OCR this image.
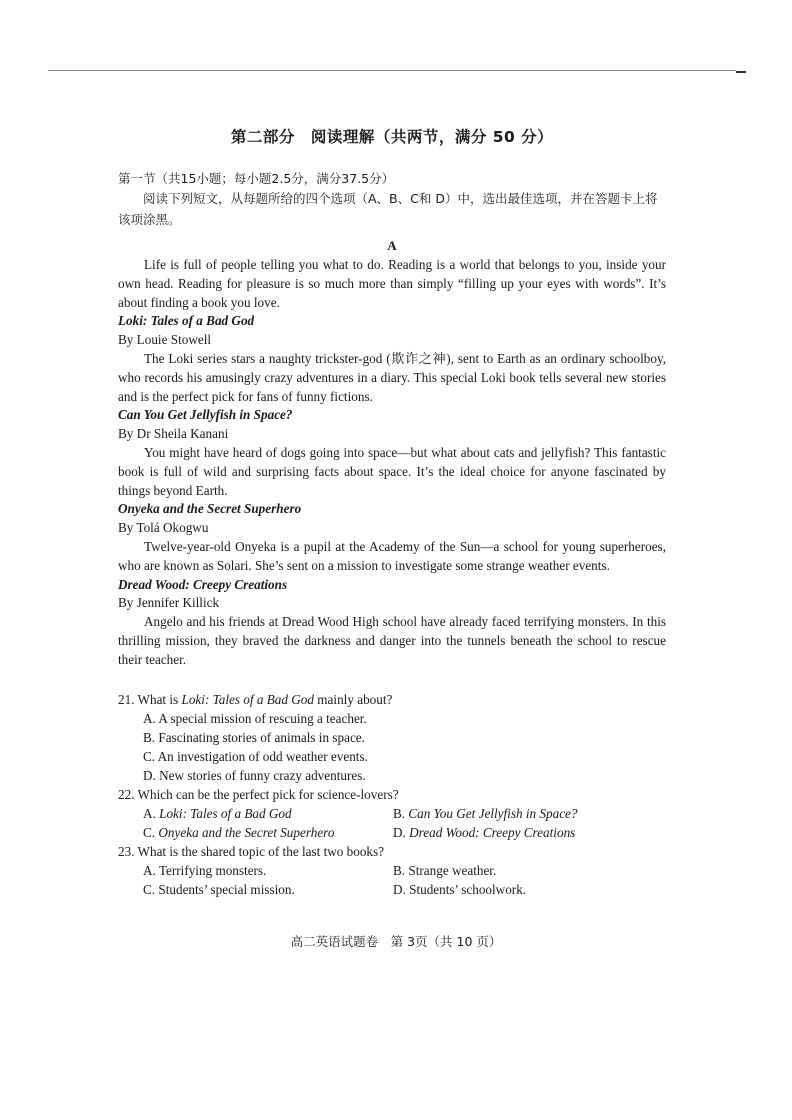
第二部分　阅读理解（共两节，满分 50 分）
第一节（共15小题；每小题2.5分，满分37.5分）

阅读下列短文，从每题所给的四个选项（A、B、C和 D）中，选出最佳选项，并在答题卡上将该项涂黑。

A

Life is full of people telling you what to do. Reading is a world that belongs to you, inside your own head. Reading for pleasure is so much more than simply “filling up your eyes with words”. It’s about finding a book you love.

Loki: Tales of a Bad God
By Louie Stowell

The Loki series stars a naughty trickster-god (欺诈之神), sent to Earth as an ordinary schoolboy, who records his amusingly crazy adventures in a diary. This special Loki book tells several new stories and is the perfect pick for fans of funny fictions.

Can You Get Jellyfish in Space?
By Dr Sheila Kanani

You might have heard of dogs going into space—but what about cats and jellyfish? This fantastic book is full of wild and surprising facts about space. It’s the ideal choice for anyone fascinated by things beyond Earth.

Onyeka and the Secret Superhero
By Tolá Okogwu

Twelve-year-old Onyeka is a pupil at the Academy of the Sun—a school for young superheroes, who are known as Solari. She’s sent on a mission to investigate some strange weather events.

Dread Wood: Creepy Creations
By Jennifer Killick

Angelo and his friends at Dread Wood High school have already faced terrifying monsters. In this thrilling mission, they braved the darkness and danger into the tunnels beneath the school to rescue their teacher.

21. What is Loki: Tales of a Bad God mainly about?
A. A special mission of rescuing a teacher.
B. Fascinating stories of animals in space.
C. An investigation of odd weather events.
D. New stories of funny crazy adventures.
22. Which can be the perfect pick for science-lovers?
A. Loki: Tales of a Bad God	B. Can You Get Jellyfish in Space?
C. Onyeka and the Secret Superhero	D. Dread Wood: Creepy Creations
23. What is the shared topic of the last two books?
A. Terrifying monsters.	B. Strange weather.
C. Students’ special mission.	D. Students’ schoolwork.
高二英语试题卷　第 3页（共 10 页）
